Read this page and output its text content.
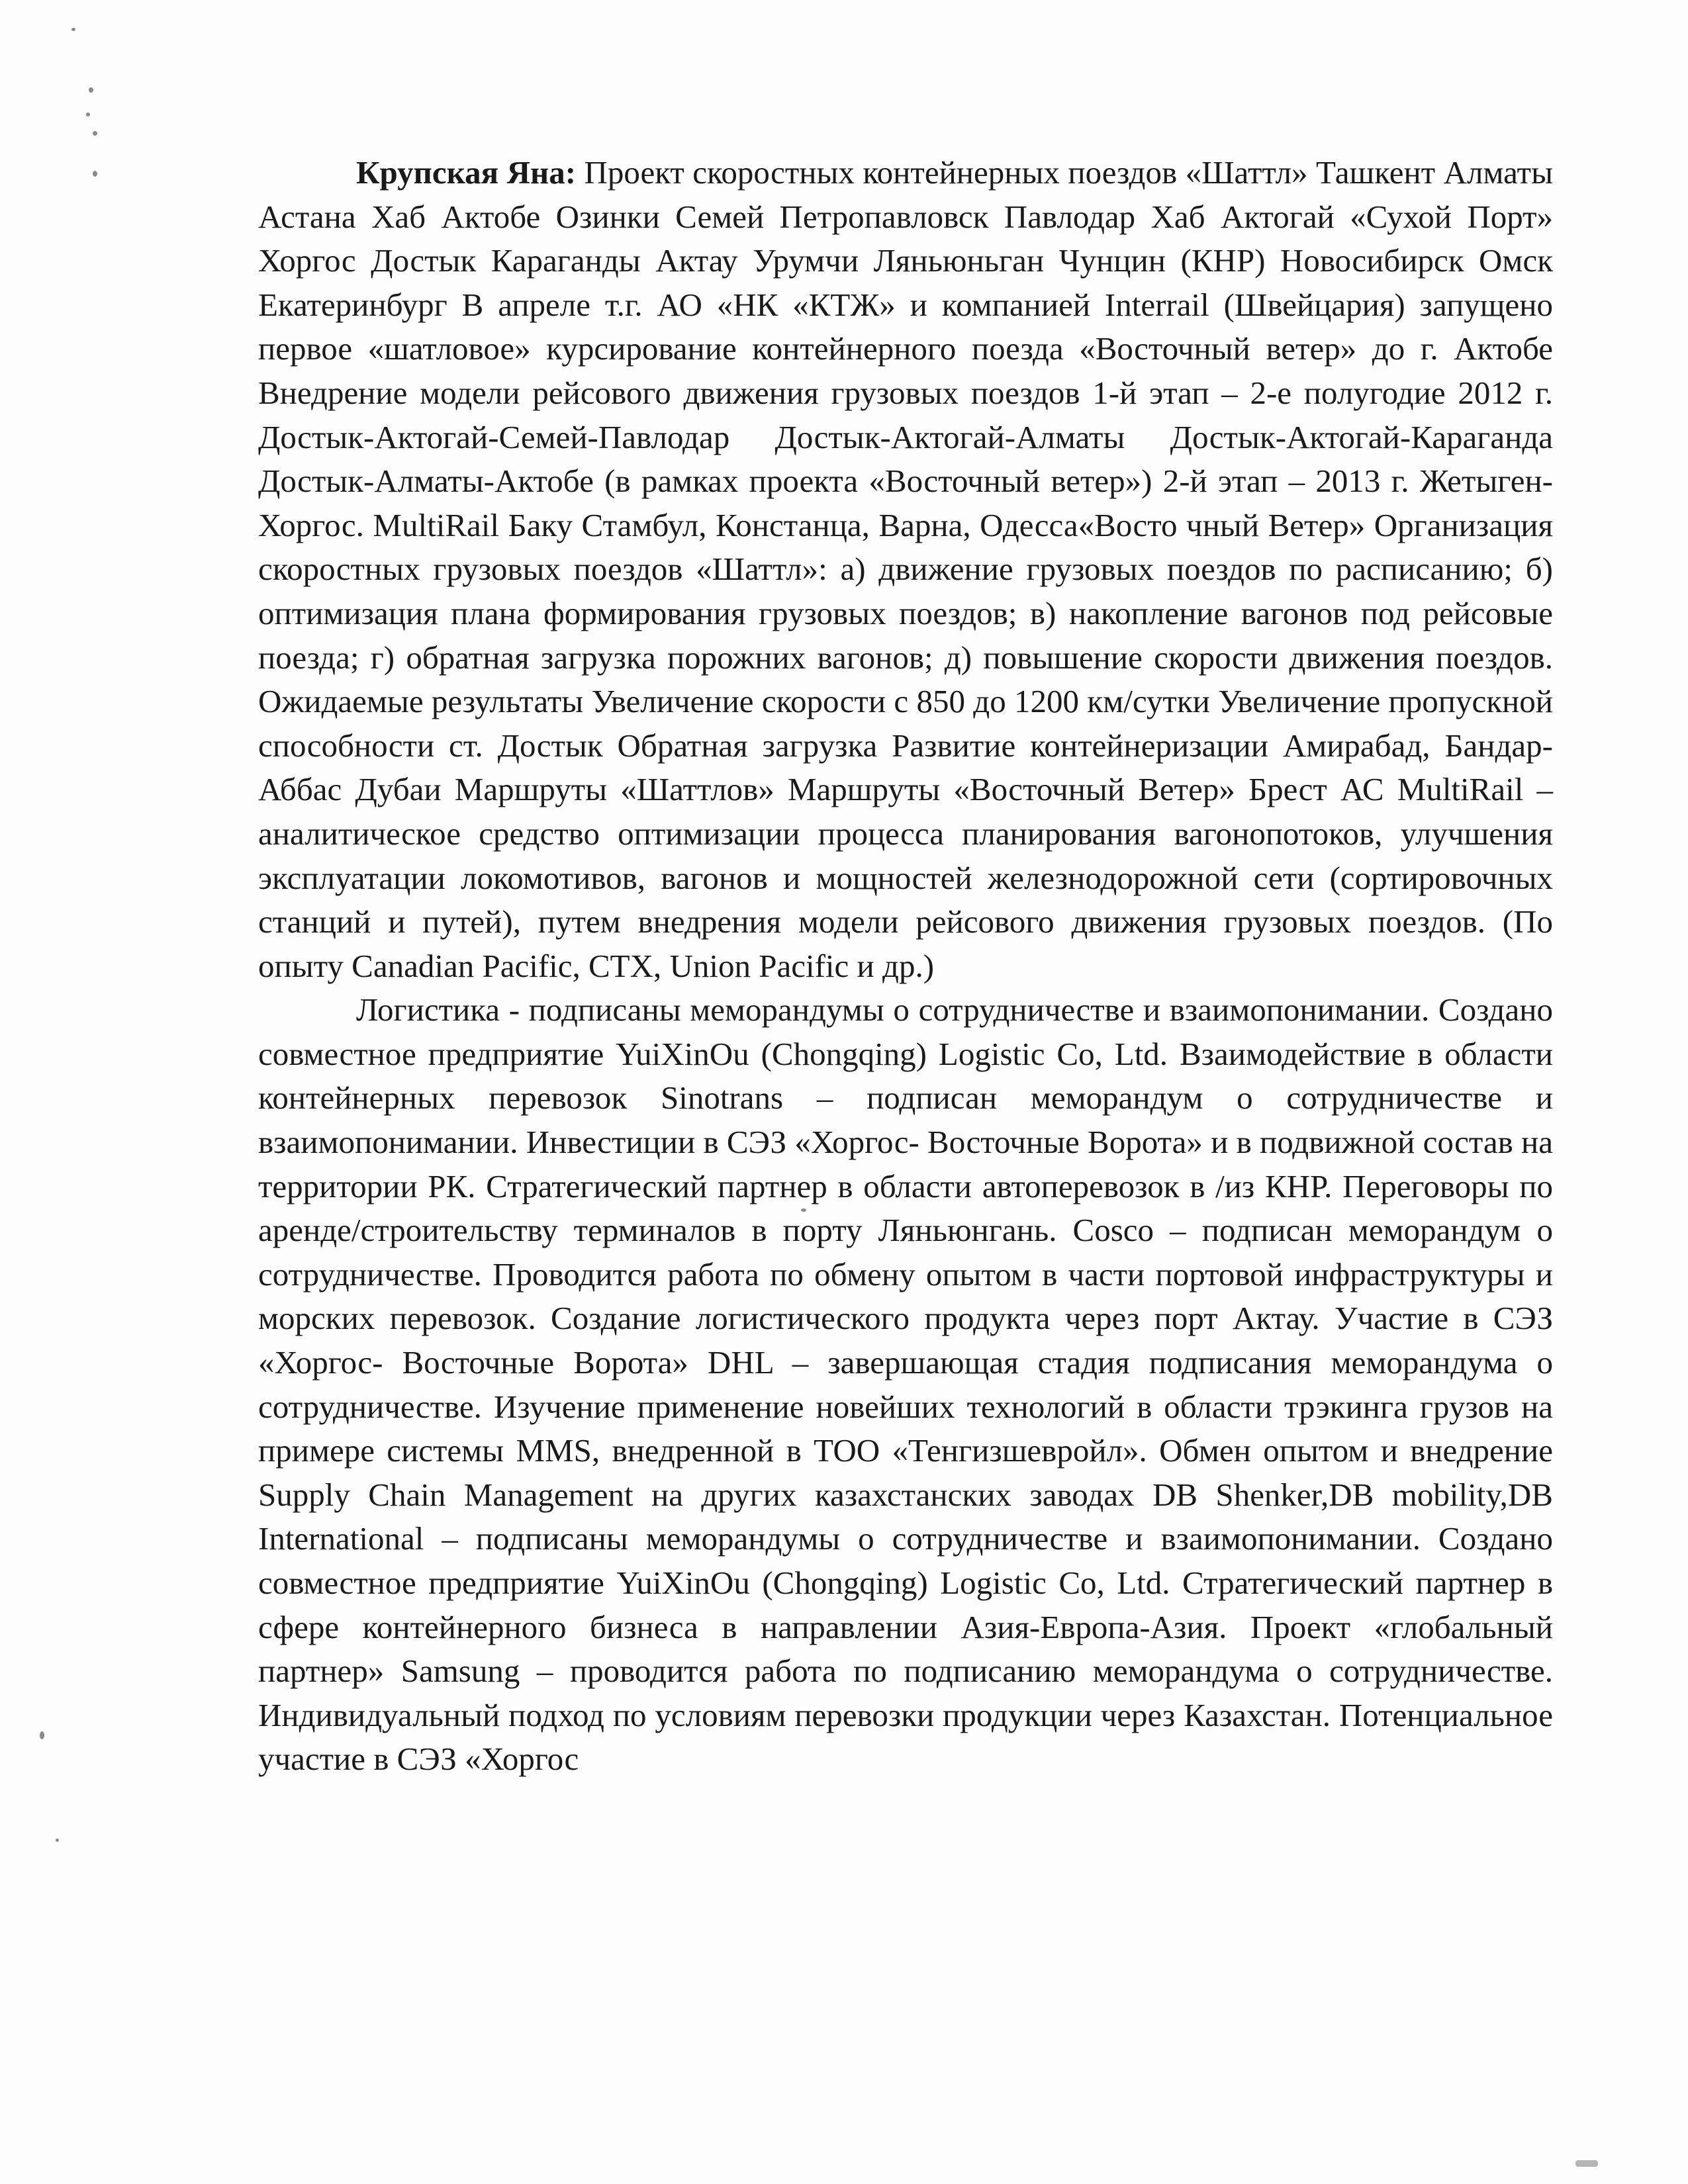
Крупская Яна: Проект скоростных контейнерных поездов «Шаттл» Ташкент Алматы Астана Хаб Актобе Озинки Семей Петропавловск Павлодар Хаб Актогай «Сухой Порт» Хоргос Достык Караганды Актау Урумчи Ляньюньган Чунцин (КНР) Новосибирск Омск Екатеринбург В апреле т.г. АО «НК «КТЖ» и компанией Interrail (Швейцария) запущено первое «шатловое» курсирование контейнерного поезда «Восточный ветер» до г. Актобе Внедрение модели рейсового движения грузовых поездов 1-й этап – 2-е полугодие 2012 г. Достык-Актогай-Семей-Павлодар Достык-Актогай-Алматы Достык-Актогай-Караганда Достык-Алматы-Актобе (в рамках проекта «Восточный ветер») 2-й этап – 2013 г. Жетыген-Хоргос. MultiRail Баку Стамбул, Констанца, Варна, Одесса«Восто чный Ветер» Организация скоростных грузовых поездов «Шаттл»: а) движение грузовых поездов по расписанию; б) оптимизация плана формирования грузовых поездов; в) накопление вагонов под рейсовые поезда; г) обратная загрузка порожних вагонов; д) повышение скорости движения поездов. Ожидаемые результаты Увеличение скорости с 850 до 1200 км/сутки Увеличение пропускной способности ст. Достык Обратная загрузка Развитие контейнеризации Амирабад, Бандар-Аббас Дубаи Маршруты «Шаттлов» Маршруты «Восточный Ветер» Брест АС MultiRail – аналитическое средство оптимизации процесса планирования вагонопотоков, улучшения эксплуатации локомотивов, вагонов и мощностей железнодорожной сети (сортировочных станций и путей), путем внедрения модели рейсового движения грузовых поездов. (По опыту Canadian Pacific, CTX, Union Pacific и др.)

Логистика - подписаны меморандумы о сотрудничестве и взаимопонимании. Создано совместное предприятие YuiXinOu (Chongqing) Logistic Co, Ltd. Взаимодействие в области контейнерных перевозок Sinotrans – подписан меморандум о сотрудничестве и взаимопонимании. Инвестиции в СЭЗ «Хоргос- Восточные Ворота» и в подвижной состав на территории РК. Стратегический партнер в области автоперевозок в /из КНР. Переговоры по аренде/строительству терминалов в порту Ляньюнгань. Cosco – подписан меморандум о сотрудничестве. Проводится работа по обмену опытом в части портовой инфраструктуры и морских перевозок. Создание логистического продукта через порт Актау. Участие в СЭЗ «Хоргос- Восточные Ворота» DHL – завершающая стадия подписания меморандума о сотрудничестве. Изучение применение новейших технологий в области трэкинга грузов на примере системы MMS, внедренной в ТОО «Тенгизшевройл». Обмен опытом и внедрение Supply Chain Management на других казахстанских заводах DB Shenker,DB mobility,DB International – подписаны меморандумы о сотрудничестве и взаимопонимании. Создано совместное предприятие YuiXinOu (Chongqing) Logistic Co, Ltd. Стратегический партнер в сфере контейнерного бизнеса в направлении Азия-Европа-Азия. Проект «глобальный партнер» Samsung – проводится работа по подписанию меморандума о сотрудничестве. Индивидуальный подход по условиям перевозки продукции через Казахстан. Потенциальное участие в СЭЗ «Хоргос
